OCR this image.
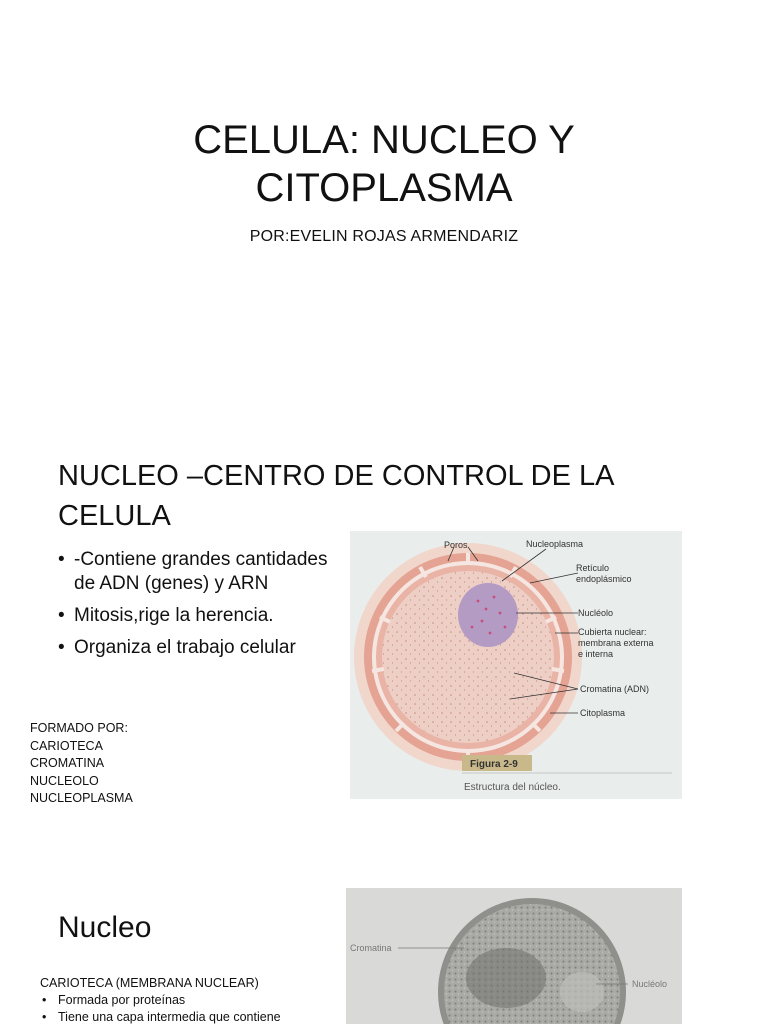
CELULA: NUCLEO Y
CITOPLASMA
POR:EVELIN ROJAS ARMENDARIZ
NUCLEO –CENTRO DE CONTROL DE LA
CELULA
• -Contiene grandes cantidades de ADN (genes) y ARN
• Mitosis,rige la herencia.
• Organiza el trabajo celular
FORMADO POR:
CARIOTECA
CROMATINA
NUCLEOLO
NUCLEOPLASMA
Poros	Nucleoplasma
Retículo
endoplásmico
Nucléolo
Cubierta nuclear:
membrana externa
e interna
Cromatina (ADN)
Citoplasma
Figura 2-9
Estructura del núcleo.
Nucleo
CARIOTECA (MEMBRANA NUCLEAR)
• Formada por proteínas
• Tiene una capa intermedia que contiene
Cromatina
Nucléolo
